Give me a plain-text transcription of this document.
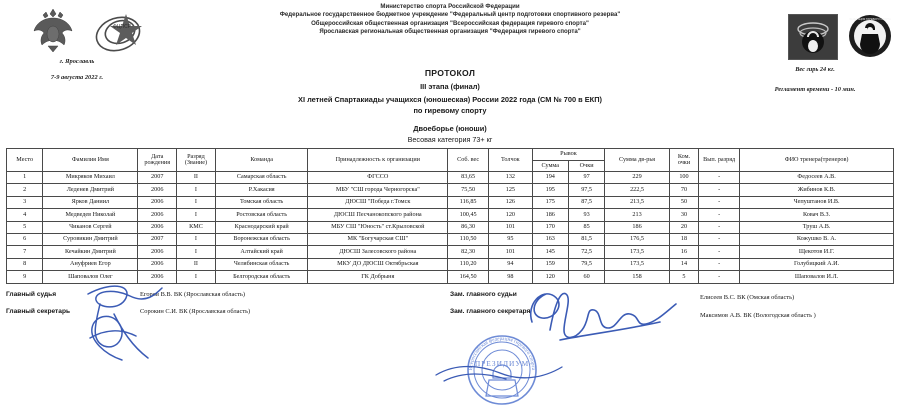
ФЦПСР
ФЕДЕРАЦИЯ ГИРЕВОГО СПОРТА
Министерство спорта Российской Федерации
Федеральное государственное бюджетное учреждение "Федеральный центр подготовки спортивного резерва"
Общероссийская общественная организация "Всероссийская федерация гиревого спорта"
Ярославская региональная общественная организация "Федерация гиревого спорта"
г. Ярославль
7-9 августа 2022 г.
Вес гирь 24 кг.
Регламент времени - 10 мин.
ПРОТОКОЛ
III этапа (финал)
XI летней Спартакиады учащихся (юношеская) России 2022 года (СМ № 700 в ЕКП)
по гиревому спорту
Двоеборье (юноши)
Весовая категория 73+ кг
Место	Фамилия Имя	Дата
рождения	Разряд
(Звание)	Команда	Принадлежность к организации	Соб. вес	Толчок	Рывок		Сумма дв-рья	Ком.
очки	Вып. разряд	ФИО тренера(тренеров)
								Сумма	Очки				
1	Микряков Михаил	2007	II	Самарская область	ФГССО	83,65	132	194	97	229	100	-	Федосеев А.В.
2	Леденев Дмитрий	2006	I	Р.Хакасия	МБУ "СШ города Черногорска"	75,50	125	195	97,5	222,5	70	-	Жибинов К.В.
3	Ярков Даниил	2006	I	Томская область	ДЮСШ "Победа г.Томск	116,85	126	175	87,5	213,5	50	-	Чепуштанов И.В.
4	Медведев Николай	2006	I	Ростовская область	ДЮСШ Песчанокопского района	100,45	120	186	93	213	30	-	Ковач В.З.
5	Чиканов Сергей	2006	КМС	Краснодарский край	МБУ СШ "Юность" ст.Крыловской	86,30	101	170	85	186	20	-	Труш А.В.
6	Суровикин Дмитрий	2007	I	Воронежская область	МК "Богучарская СШ"	110,50	95	163	81,5	176,5	18	-	Кожушко В. А.
7	Кечайкин Дмитрий	2006	I	Алтайский край	ДЮСШ Залесовского района	82,30	101	145	72,5	173,5	16	-	Щекотов И.Г.
8	Ануфриев Егор	2006	II	Челябинская область	МКУ ДО ДЮСШ Октябрьская	110,20	94	159	79,5	173,5	14	-	Голубицкий А.И.
9	Шаповалов Олег	2006	I	Белгородская область	ГК Добрыня	164,50	98	120	60	158	5	-	Шаповалов И.Л.
Главный судья
Главный секретарь
Егоров В.В. ВК (Ярославская область)
Сорокин С.И. ВК (Ярославская область)
Зам. главного судьи
Зам. главного секретаря
Елисеев В.С. ВК (Омская область)
Максимов А.В. ВК (Вологодская область )
Всероссийская федерация гиревого спорта
ПРЕЗИДИУМ
